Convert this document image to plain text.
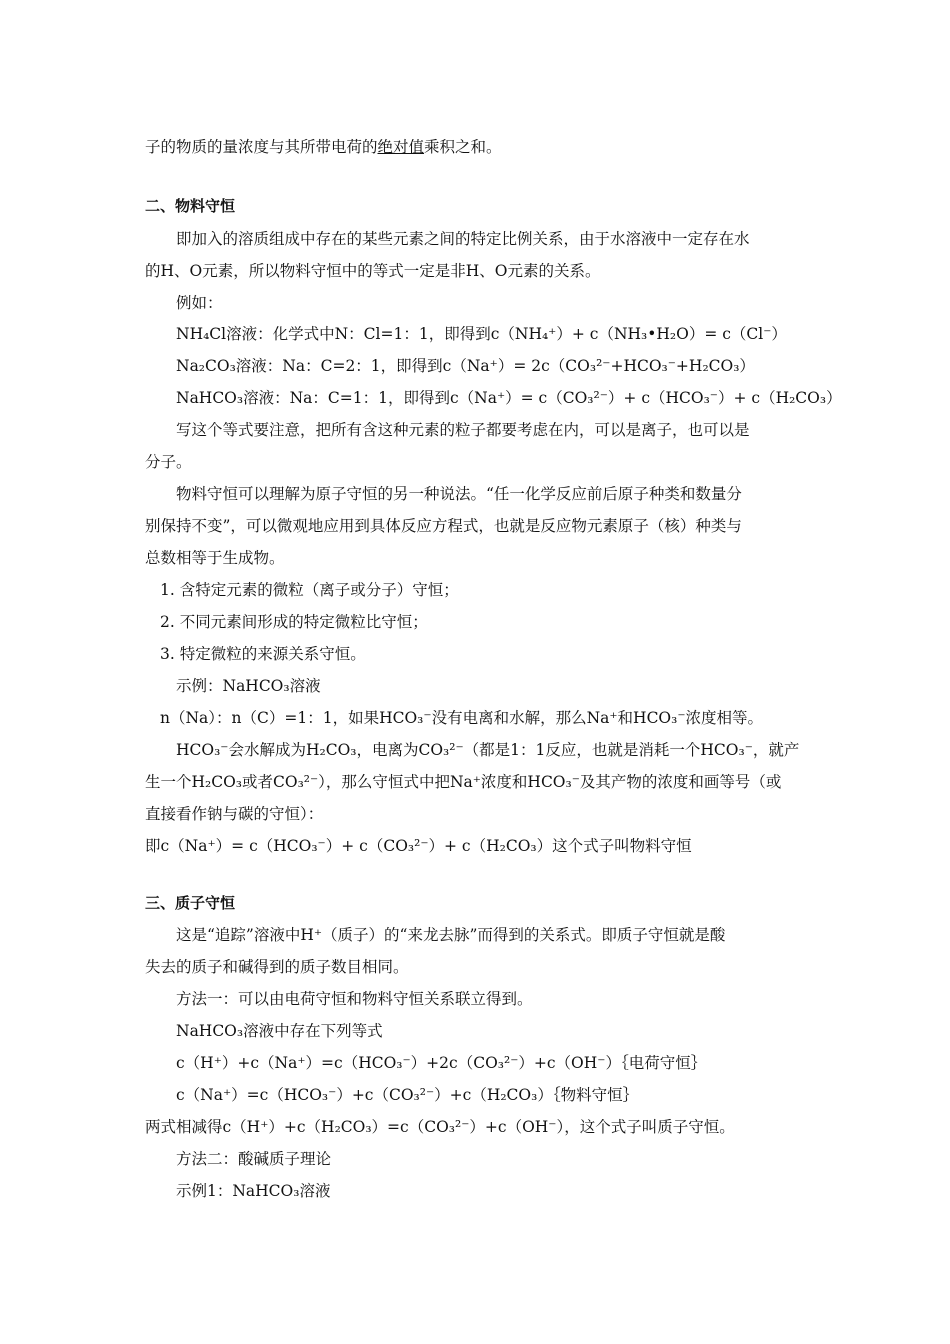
子的物质的量浓度与其所带电荷的绝对值乘积之和。
二、物料守恒
即加入的溶质组成中存在的某些元素之间的特定比例关系，由于水溶液中一定存在水
的H、O元素，所以物料守恒中的等式一定是非H、O元素的关系。
例如：
NH₄Cl溶液：化学式中N：Cl=1：1，即得到c（NH₄⁺）+ c（NH₃•H₂O）= c（Cl⁻）
Na₂CO₃溶液：Na：C=2：1，即得到c（Na⁺）= 2c（CO₃²⁻+HCO₃⁻+H₂CO₃）
NaHCO₃溶液：Na：C=1：1，即得到c（Na⁺）= c（CO₃²⁻）+ c（HCO₃⁻）+ c（H₂CO₃）
写这个等式要注意，把所有含这种元素的粒子都要考虑在内，可以是离子，也可以是
分子。
物料守恒可以理解为原子守恒的另一种说法。“任一化学反应前后原子种类和数量分
别保持不变”，可以微观地应用到具体反应方程式，也就是反应物元素原子（核）种类与
总数相等于生成物。
1. 含特定元素的微粒（离子或分子）守恒；
2. 不同元素间形成的特定微粒比守恒；
3. 特定微粒的来源关系守恒。
示例：NaHCO₃溶液
n（Na）：n（C）=1：1，如果HCO₃⁻没有电离和水解，那么Na⁺和HCO₃⁻浓度相等。
HCO₃⁻会水解成为H₂CO₃，电离为CO₃²⁻（都是1：1反应，也就是消耗一个HCO₃⁻，就产
生一个H₂CO₃或者CO₃²⁻），那么守恒式中把Na⁺浓度和HCO₃⁻及其产物的浓度和画等号（或
直接看作钠与碳的守恒）：
即c（Na⁺）= c（HCO₃⁻）+ c（CO₃²⁻）+ c（H₂CO₃）这个式子叫物料守恒
三、质子守恒
这是“追踪”溶液中H⁺（质子）的“来龙去脉”而得到的关系式。即质子守恒就是酸
失去的质子和碱得到的质子数目相同。
方法一：可以由电荷守恒和物料守恒关系联立得到。
NaHCO₃溶液中存在下列等式
c（H⁺）+c（Na⁺）=c（HCO₃⁻）+2c（CO₃²⁻）+c（OH⁻）｛电荷守恒｝
c（Na⁺）=c（HCO₃⁻）+c（CO₃²⁻）+c（H₂CO₃）｛物料守恒｝
两式相减得c（H⁺）+c（H₂CO₃）=c（CO₃²⁻）+c（OH⁻），这个式子叫质子守恒。
方法二：酸碱质子理论
示例1：NaHCO₃溶液
